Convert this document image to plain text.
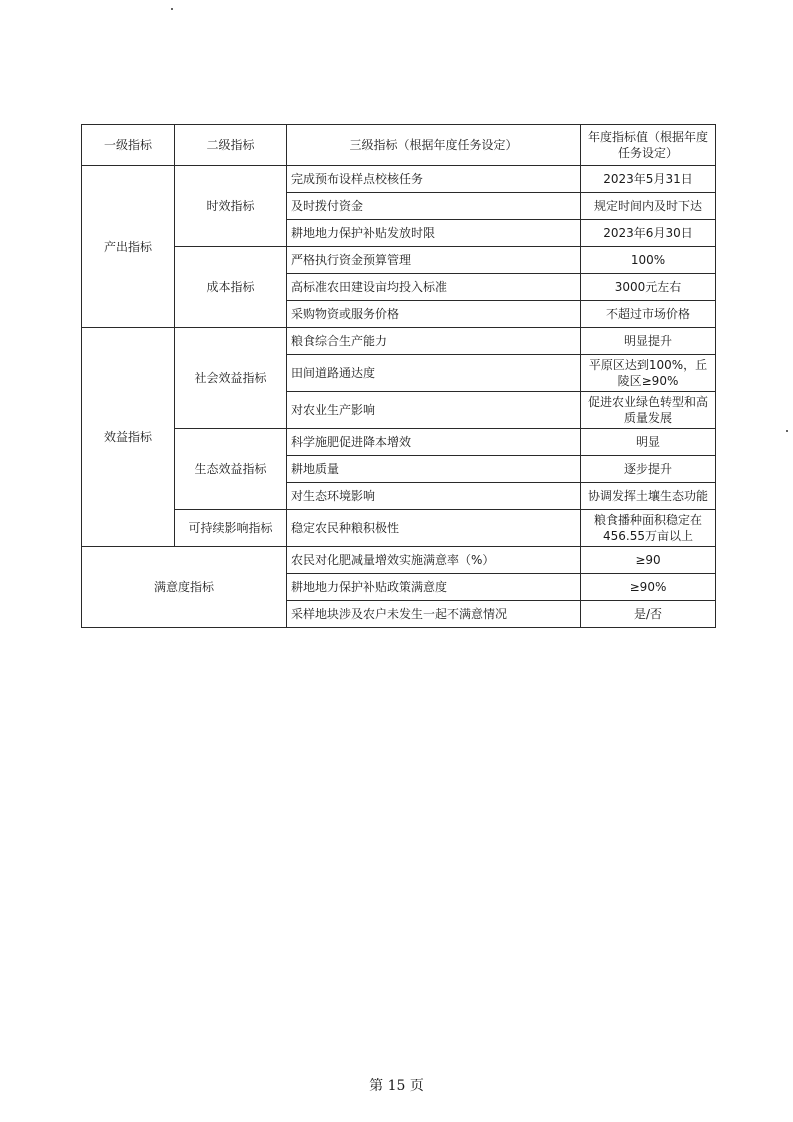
一级指标	二级指标	三级指标（根据年度任务设定）	年度指标值（根据年度任务设定）
产出指标	时效指标	完成预布设样点校核任务	2023年5月31日
		及时拨付资金	规定时间内及时下达
		耕地地力保护补贴发放时限	2023年6月30日
	成本指标	严格执行资金预算管理	100%
		高标准农田建设亩均投入标准	3000元左右
		采购物资或服务价格	不超过市场价格
效益指标	社会效益指标	粮食综合生产能力	明显提升
		田间道路通达度	平原区达到100%，丘陵区≥90%
		对农业生产影响	促进农业绿色转型和高质量发展
	生态效益指标	科学施肥促进降本增效	明显
		耕地质量	逐步提升
		对生态环境影响	协调发挥土壤生态功能
	可持续影响指标	稳定农民种粮积极性	粮食播种面积稳定在456.55万亩以上
满意度指标		农民对化肥减量增效实施满意率（%）	≥90
		耕地地力保护补贴政策满意度	≥90%
		采样地块涉及农户未发生一起不满意情况	是/否
第 15 页
